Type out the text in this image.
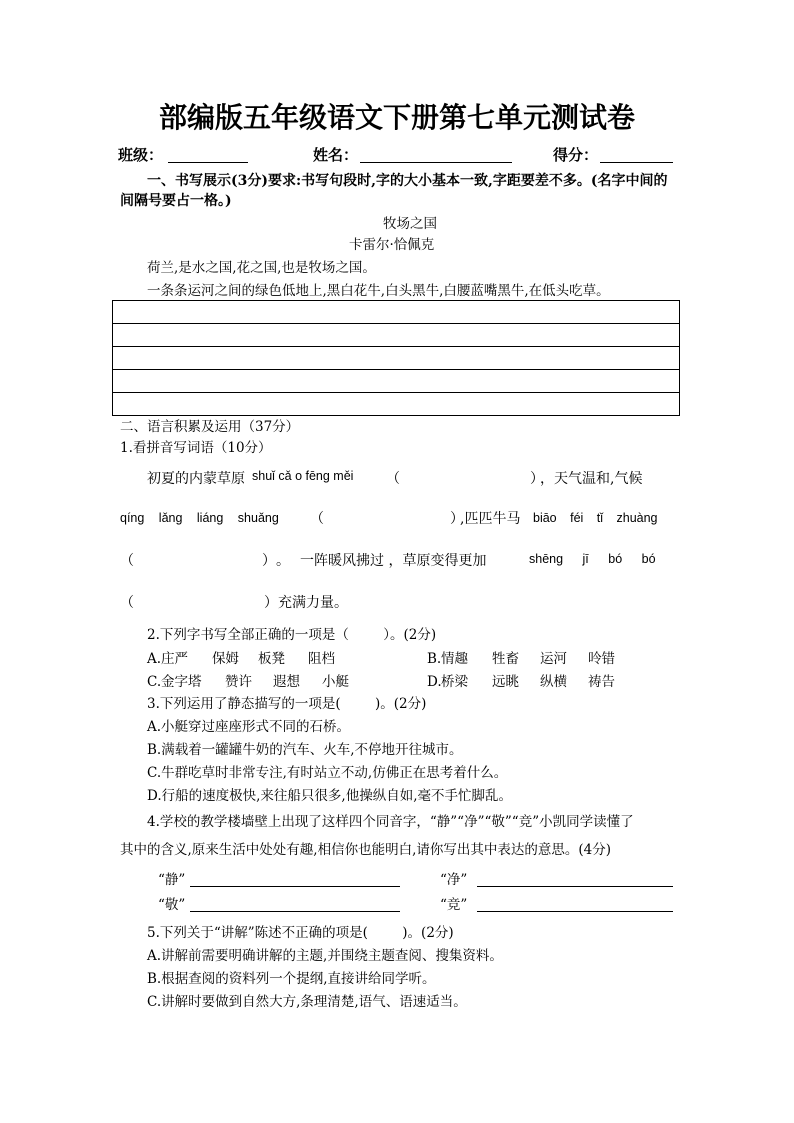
部编版五年级语文下册第七单元测试卷
班级：	姓名：	得分：
一、书写展示(3分)要求:书写句段时,字的大小基本一致,字距要差不多。(名字中间的
间隔号要占一格。)
牧场之国
卡雷尔·恰佩克
荷兰,是水之国,花之国,也是牧场之国。
一条条运河之间的绿色低地上,黑白花牛,白头黑牛,白腰蓝嘴黑牛,在低头吃草。
二、语言积累及运用（37分）
1.看拼音写词语（10分）
初夏的内蒙草原 shuǐ cǎ o fēng měi （	）
，天气温和,气候
qíng lǎng liáng shuǎng （	）
,匹匹牛马 biāo féi tǐ zhuàng
（	） 。 一阵暖风拂过 ，草原变得更加	shēng jī bó bó
（	） 充满力量。
2.下列字书写全部正确的一项是（        ）。(2分)
A. 庄严 保姆 板凳 阻档	B. 情趣 牲畜 运河 呤错
C. 金字塔 赞许 遐想 小艇	D. 桥梁 远眺 纵横 祷告
3.下列运用了静态描写的一项是(        )。(2分)
A.小艇穿过座座形式不同的石桥。
B.满载着一罐罐牛奶的汽车、火车,不停地开往城市。
C.牛群吃草时非常专注,有时站立不动,仿佛正在思考着什么。
D.行船的速度极快,来往船只很多,他操纵自如,毫不手忙脚乱。
4.学校的教学楼墙壁上出现了这样四个同音字，“静”“净”“敬”“竞”小凯同学读懂了
其中的含义,原来生活中处处有趣,相信你也能明白,请你写出其中表达的意思。(4分)
“静”	“净”
“敬”	“竞”
5.下列关于“讲解”陈述不正确的项是(        )。(2分)
A.讲解前需要明确讲解的主题,并围绕主题查阅、搜集资料。
B.根据查阅的资料列一个提纲,直接讲给同学听。
C.讲解时要做到自然大方,条理清楚,语气、语速适当。
